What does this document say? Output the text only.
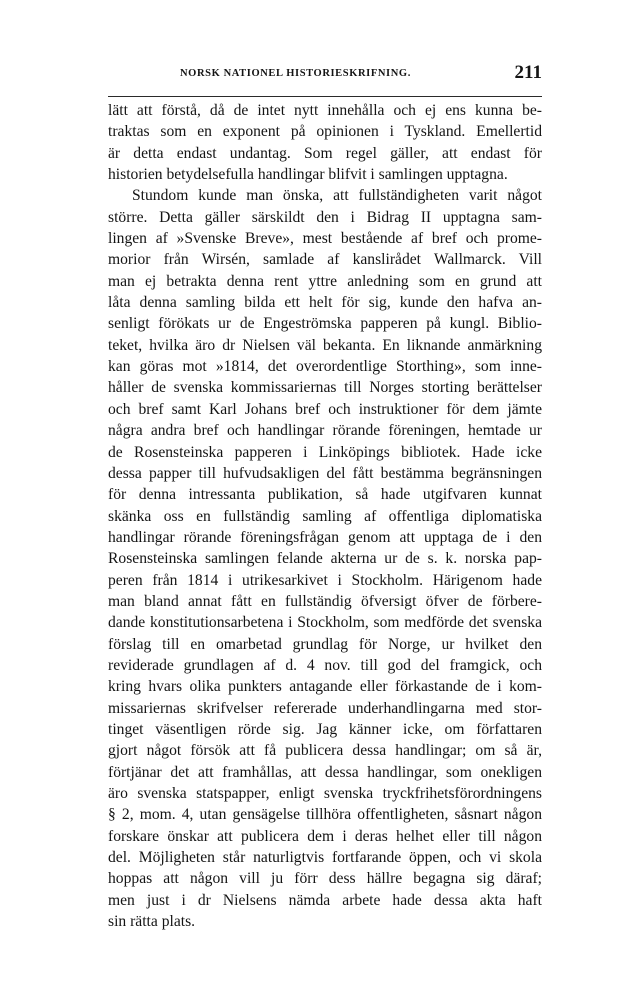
NORSK NATIONEL HISTORIESKRIFNING.	211
lätt att förstå, då de intet nytt innehålla och ej ens kunna be-
traktas som en exponent på opinionen i Tyskland. Emellertid
är detta endast undantag. Som regel gäller, att endast för
historien betydelsefulla handlingar blifvit i samlingen upptagna.
Stundom kunde man önska, att fullständigheten varit något
större. Detta gäller särskildt den i Bidrag II upptagna sam-
lingen af »Svenske Breve», mest bestående af bref och prome-
morior från Wirsén, samlade af kanslirådet Wallmarck. Vill
man ej betrakta denna rent yttre anledning som en grund att
låta denna samling bilda ett helt för sig, kunde den hafva an-
senligt förökats ur de Engeströmska papperen på kungl. Biblio-
teket, hvilka äro dr Nielsen väl bekanta. En liknande anmärkning
kan göras mot »1814, det overordentlige Storthing», som inne-
håller de svenska kommissariernas till Norges storting berättelser
och bref samt Karl Johans bref och instruktioner för dem jämte
några andra bref och handlingar rörande föreningen, hemtade ur
de Rosensteinska papperen i Linköpings bibliotek. Hade icke
dessa papper till hufvudsakligen del fått bestämma begränsningen
för denna intressanta publikation, så hade utgifvaren kunnat
skänka oss en fullständig samling af offentliga diplomatiska
handlingar rörande föreningsfrågan genom att upptaga de i den
Rosensteinska samlingen felande akterna ur de s. k. norska pap-
peren från 1814 i utrikesarkivet i Stockholm. Härigenom hade
man bland annat fått en fullständig öfversigt öfver de förbere-
dande konstitutionsarbetena i Stockholm, som medförde det svenska
förslag till en omarbetad grundlag för Norge, ur hvilket den
reviderade grundlagen af d. 4 nov. till god del framgick, och
kring hvars olika punkters antagande eller förkastande de i kom-
missariernas skrifvelser refererade underhandlingarna med stor-
tinget väsentligen rörde sig. Jag känner icke, om författaren
gjort något försök att få publicera dessa handlingar; om så är,
förtjänar det att framhållas, att dessa handlingar, som onekligen
äro svenska statspapper, enligt svenska tryckfrihetsförordningens
§ 2, mom. 4, utan gensägelse tillhöra offentligheten, såsnart någon
forskare önskar att publicera dem i deras helhet eller till någon
del. Möjligheten står naturligtvis fortfarande öppen, och vi skola
hoppas att någon vill ju förr dess hällre begagna sig däraf;
men just i dr Nielsens nämda arbete hade dessa akta haft
sin rätta plats.
